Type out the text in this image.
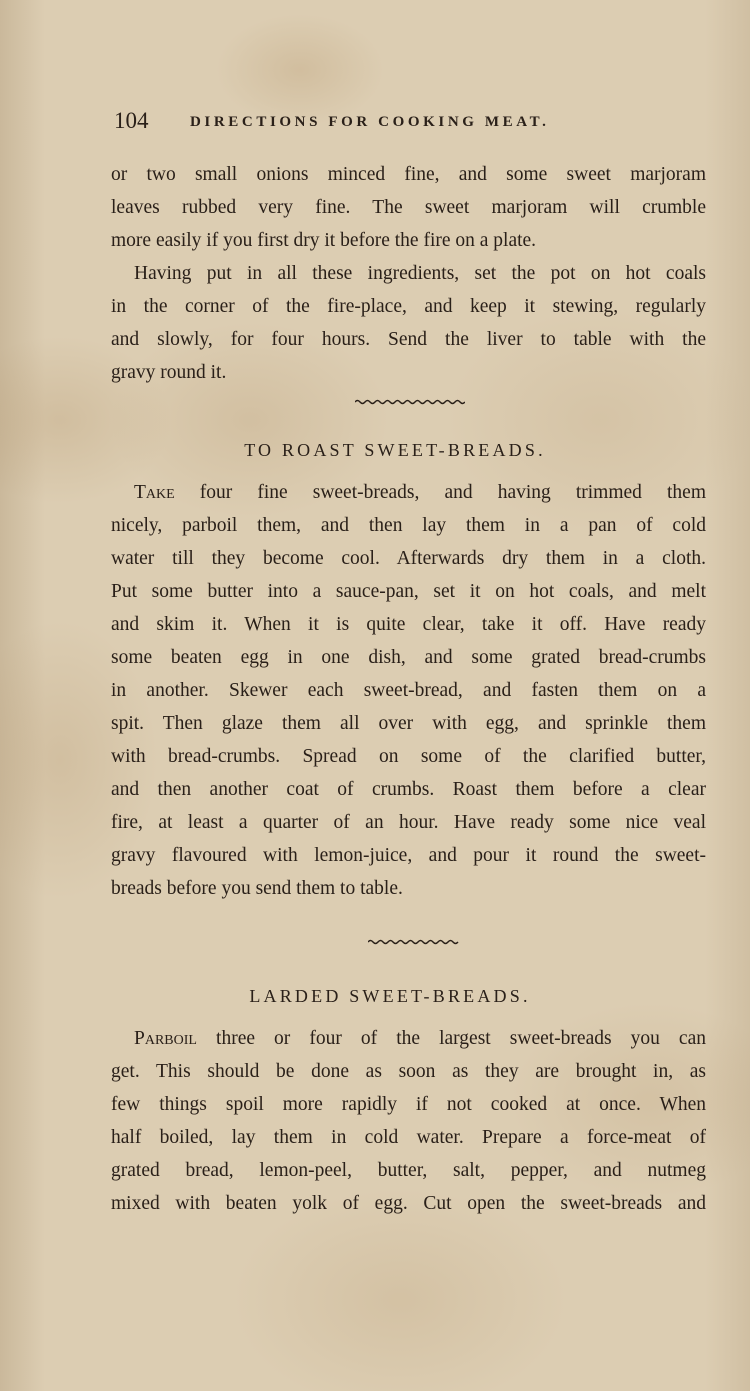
104	DIRECTIONS FOR COOKING MEAT.
or two small onions minced fine, and some sweet marjoram
leaves rubbed very fine. The sweet marjoram will crumble
more easily if you first dry it before the fire on a plate.
Having put in all these ingredients, set the pot on hot coals
in the corner of the fire-place, and keep it stewing, regularly
and slowly, for four hours. Send the liver to table with the
gravy round it.
TO ROAST SWEET-BREADS.
Take four fine sweet-breads, and having trimmed them
nicely, parboil them, and then lay them in a pan of cold
water till they become cool. Afterwards dry them in a cloth.
Put some butter into a sauce-pan, set it on hot coals, and melt
and skim it. When it is quite clear, take it off. Have ready
some beaten egg in one dish, and some grated bread-crumbs
in another. Skewer each sweet-bread, and fasten them on a
spit. Then glaze them all over with egg, and sprinkle them
with bread-crumbs. Spread on some of the clarified butter,
and then another coat of crumbs. Roast them before a clear
fire, at least a quarter of an hour. Have ready some nice veal
gravy flavoured with lemon-juice, and pour it round the sweet-
breads before you send them to table.
LARDED SWEET-BREADS.
Parboil three or four of the largest sweet-breads you can
get. This should be done as soon as they are brought in, as
few things spoil more rapidly if not cooked at once. When
half boiled, lay them in cold water. Prepare a force-meat of
grated bread, lemon-peel, butter, salt, pepper, and nutmeg
mixed with beaten yolk of egg. Cut open the sweet-breads and
